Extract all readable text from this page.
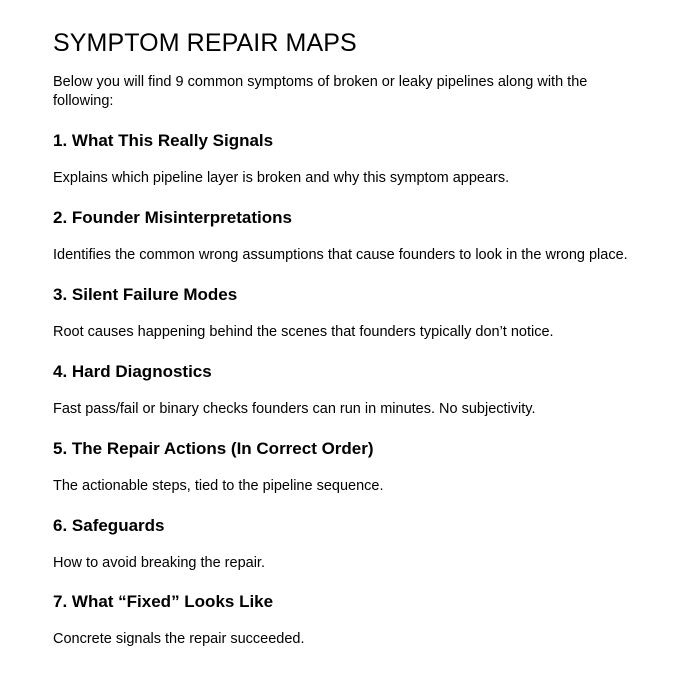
SYMPTOM REPAIR MAPS

Below you will find 9 common symptoms of broken or leaky pipelines along with the following:

1. What This Really Signals

Explains which pipeline layer is broken and why this symptom appears.

2. Founder Misinterpretations

Identifies the common wrong assumptions that cause founders to look in the wrong place.

3. Silent Failure Modes

Root causes happening behind the scenes that founders typically don’t notice.

4. Hard Diagnostics

Fast pass/fail or binary checks founders can run in minutes. No subjectivity.

5. The Repair Actions (In Correct Order)

The actionable steps, tied to the pipeline sequence.

6. Safeguards

How to avoid breaking the repair.

7. What “Fixed” Looks Like

Concrete signals the repair succeeded.
